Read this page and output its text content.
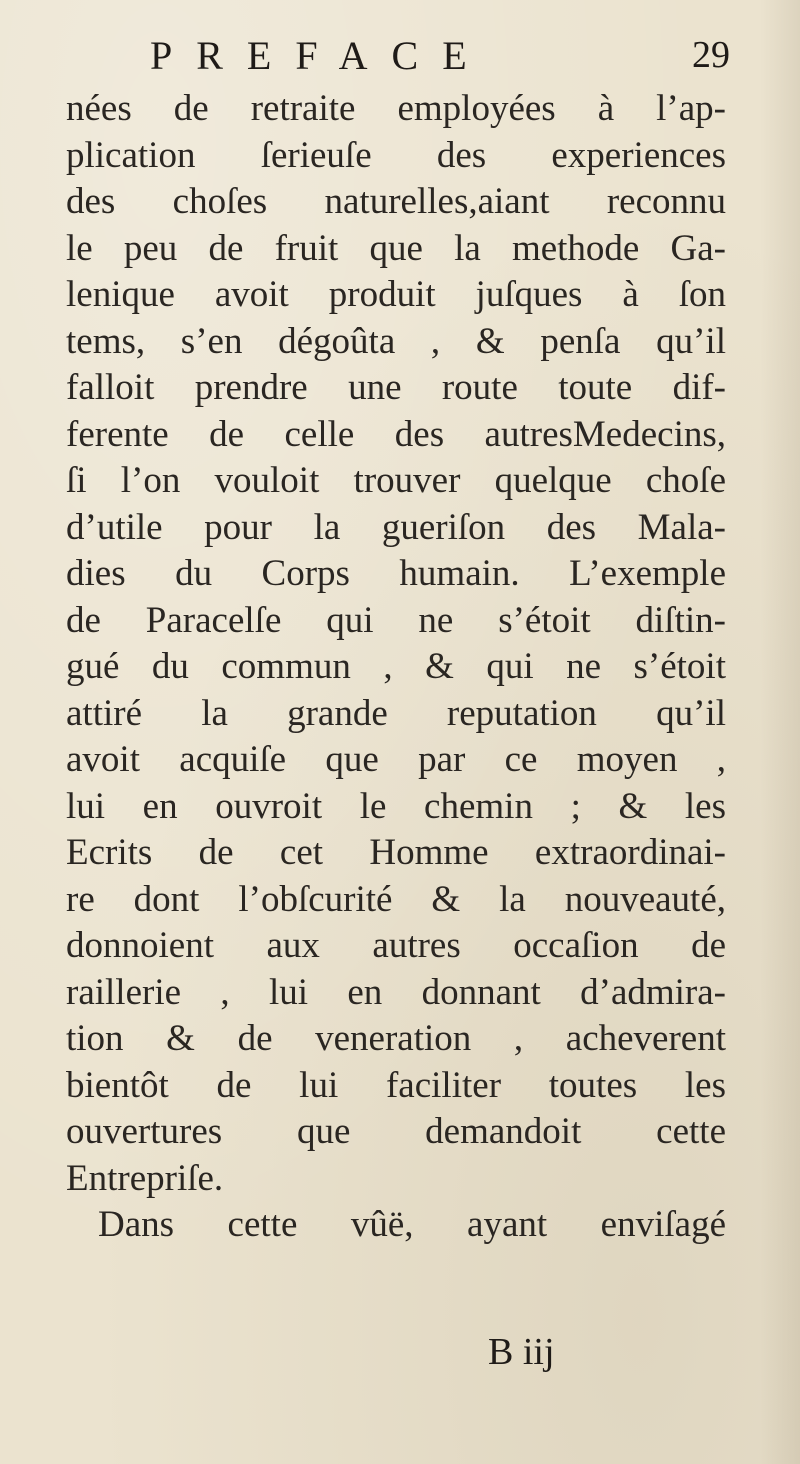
PREFACE	29
nées de retraite employées à l’ap-
plication ſerieuſe des experiences
des choſes naturelles,aiant reconnu
le peu de fruit que la methode Ga-
lenique avoit produit juſques à ſon
tems, s’en dégoûta , & penſa qu’il
falloit prendre une route toute dif-
ferente de celle des autresMedecins,
ſi l’on vouloit trouver quelque choſe
d’utile pour la gueriſon des Mala-
dies du Corps humain. L’exemple
de Paracelſe qui ne s’étoit diſtin-
gué du commun , & qui ne s’étoit
attiré la grande reputation qu’il
avoit acquiſe que par ce moyen ,
lui en ouvroit le chemin ; & les
Ecrits de cet Homme extraordinai-
re dont l’obſcurité & la nouveauté,
donnoient aux autres occaſion de
raillerie , lui en donnant d’admira-
tion & de veneration , acheverent
bientôt de lui faciliter toutes les
ouvertures que demandoit cette
Entrepriſe.
Dans cette vûë, ayant enviſagé
B iij
